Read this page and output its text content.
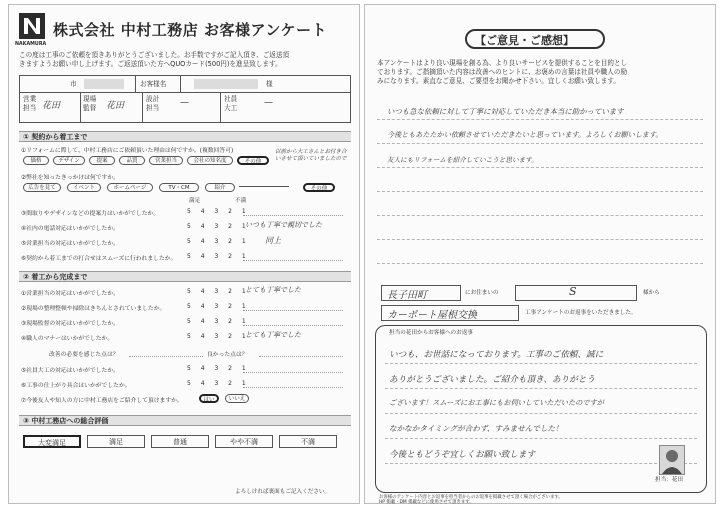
NAKAMURA
株式会社 中村工務店 お客様アンケート
この度は工事のご依頼を頂きありがとうございました。お手数ですがご記入頂き、ご返送頂
きますようお願い申し上げます。ご返送頂いた方へQUOカード(500円)を進呈致します。
市	お客様名	様
営業担当 花田
現場監督	花田
設計担当	—	社員大工	—
① 契約から着工まで
①リフォームに際して、中村工務店にご依頼頂いた理由は何ですか。(複数回答可)
価格	デザイン	提案	品質	営業担当	会社の知名度	その他
以前から大工さんとお付き合いさせて頂いていましたので
②弊社を知ったきっかけは何ですか。
広告を見て	イベント	ホームページ	TV・CM	紹介	その他
満足	不満
③間取りやデザインなどの提案力はいかがでしたか。	5 4 3 2 1
④社内の電話対応はいかがでしたか。	5 4 3 2 1
いつも丁寧で親切でした
⑤営業担当の対応はいかがでしたか。	5 4 3 2 1 同上
⑥契約から着工までの打合せはスムーズに行われましたか。 5 4 3 2 1
② 着工から完成まで
①営業担当の対応はいかがでしたか。	5 4 3 2 1
とても丁寧でした
②現場の整理整頓や掃除はきちんとされていましたか。	5 4 3 2 1
③現場監督の対応はいかがでしたか。	5 4 3 2 1
④職人のマナーはいかがでしたか。	5 4 3 2 1
とても丁寧でした
改善の必要を感じた点は？	良かった点は？
⑤社員大工の対応はいかがでしたか。	5 4 3 2 1
⑥工事の仕上がり具合はいかがでしたか。	5 4 3 2 1
⑦今後友人や知人の方に中村工務店をご紹介して頂けますか。	はい	いいえ
③ 中村工務店への総合評価
大変満足	満足	普通	やや不満	不満
よろしければ裏面もご記入ください。
【ご意見・ご感想】
本アンケートはより良い現場を創る為、より良いサービスを提供することを目的とし
ております。ご指摘頂いた内容は改善へのヒントに、お褒めの言葉は社員や職人の励
みになります。素直なご意見、ご要望をお聞かせ下さい。宜しくお願い致します。
いつも急な依頼に対して丁寧に対応していただき本当に助かっています
今後ともあたたかい依頼させていただきたいと思っています。よろしくお願いします。
友人にもリフォームを紹介していこうと思います。
長子田町	にお住まいの	S	様から
カーポート屋根交換	工事アンケートのお返事をいただきました。
担当の花田からお客様へのお返事
いつも、お世話になっております。工事のご依頼、誠に
ありがとうございました。ご紹介も頂き、ありがとう
ございます！スムーズにお工事にもお伺いしていただいたのですが
なかなかタイミングが合わず、すみませんでした！
今後ともどうぞ宜しくお願い致します
担当：花田
お客様のアンケート内容とお返事を担当者からのお返事を掲載させて頂く場合がございます。
HP 掲載・DM 掲載などに使用させて頂きます。
